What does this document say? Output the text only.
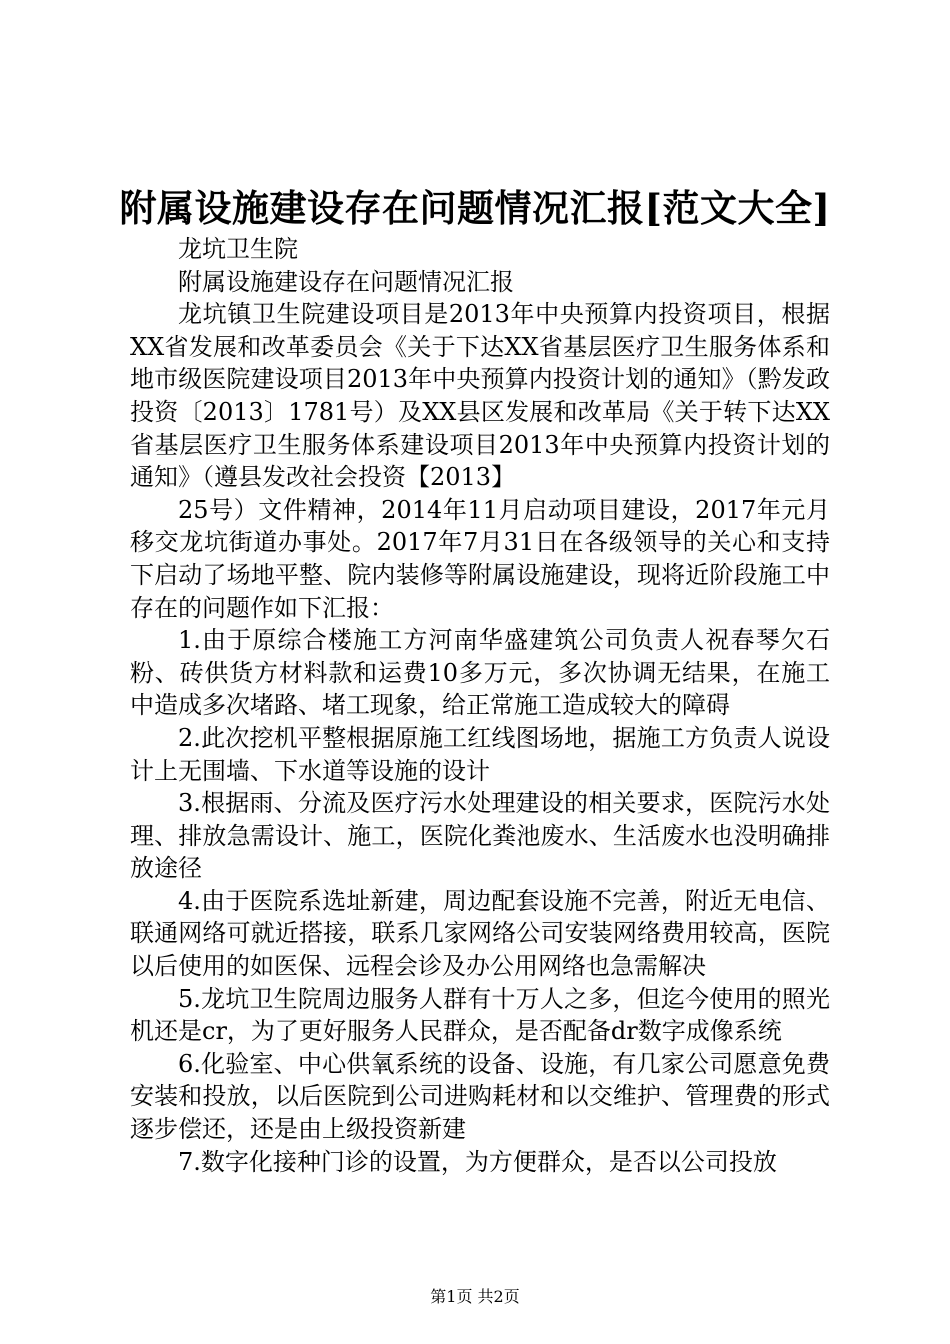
附属设施建设存在问题情况汇报[范文大全]

龙坑卫生院

附属设施建设存在问题情况汇报

龙坑镇卫生院建设项目是2013年中央预算内投资项目，根据XX省发展和改革委员会《关于下达XX省基层医疗卫生服务体系和地市级医院建设项目2013年中央预算内投资计划的通知》（黔发政投资〔2013〕1781号）及XX县区发展和改革局《关于转下达XX省基层医疗卫生服务体系建设项目2013年中央预算内投资计划的通知》（遵县发改社会投资【2013】

25号）文件精神，2014年11月启动项目建设，2017年元月移交龙坑街道办事处。2017年7月31日在各级领导的关心和支持下启动了场地平整、院内装修等附属设施建设，现将近阶段施工中存在的问题作如下汇报：

1.由于原综合楼施工方河南华盛建筑公司负责人祝春琴欠石粉、砖供货方材料款和运费10多万元，多次协调无结果，在施工中造成多次堵路、堵工现象，给正常施工造成较大的障碍

2.此次挖机平整根据原施工红线图场地，据施工方负责人说设计上无围墙、下水道等设施的设计

3.根据雨、分流及医疗污水处理建设的相关要求，医院污水处理、排放急需设计、施工，医院化粪池废水、生活废水也没明确排放途径

4.由于医院系选址新建，周边配套设施不完善，附近无电信、联通网络可就近搭接，联系几家网络公司安装网络费用较高，医院以后使用的如医保、远程会诊及办公用网络也急需解决

5.龙坑卫生院周边服务人群有十万人之多，但迄今使用的照光机还是cr，为了更好服务人民群众，是否配备dr数字成像系统

6.化验室、中心供氧系统的设备、设施，有几家公司愿意免费安装和投放，以后医院到公司进购耗材和以交维护、管理费的形式逐步偿还，还是由上级投资新建

7.数字化接种门诊的设置，为方便群众，是否以公司投放

第1页 共2页
